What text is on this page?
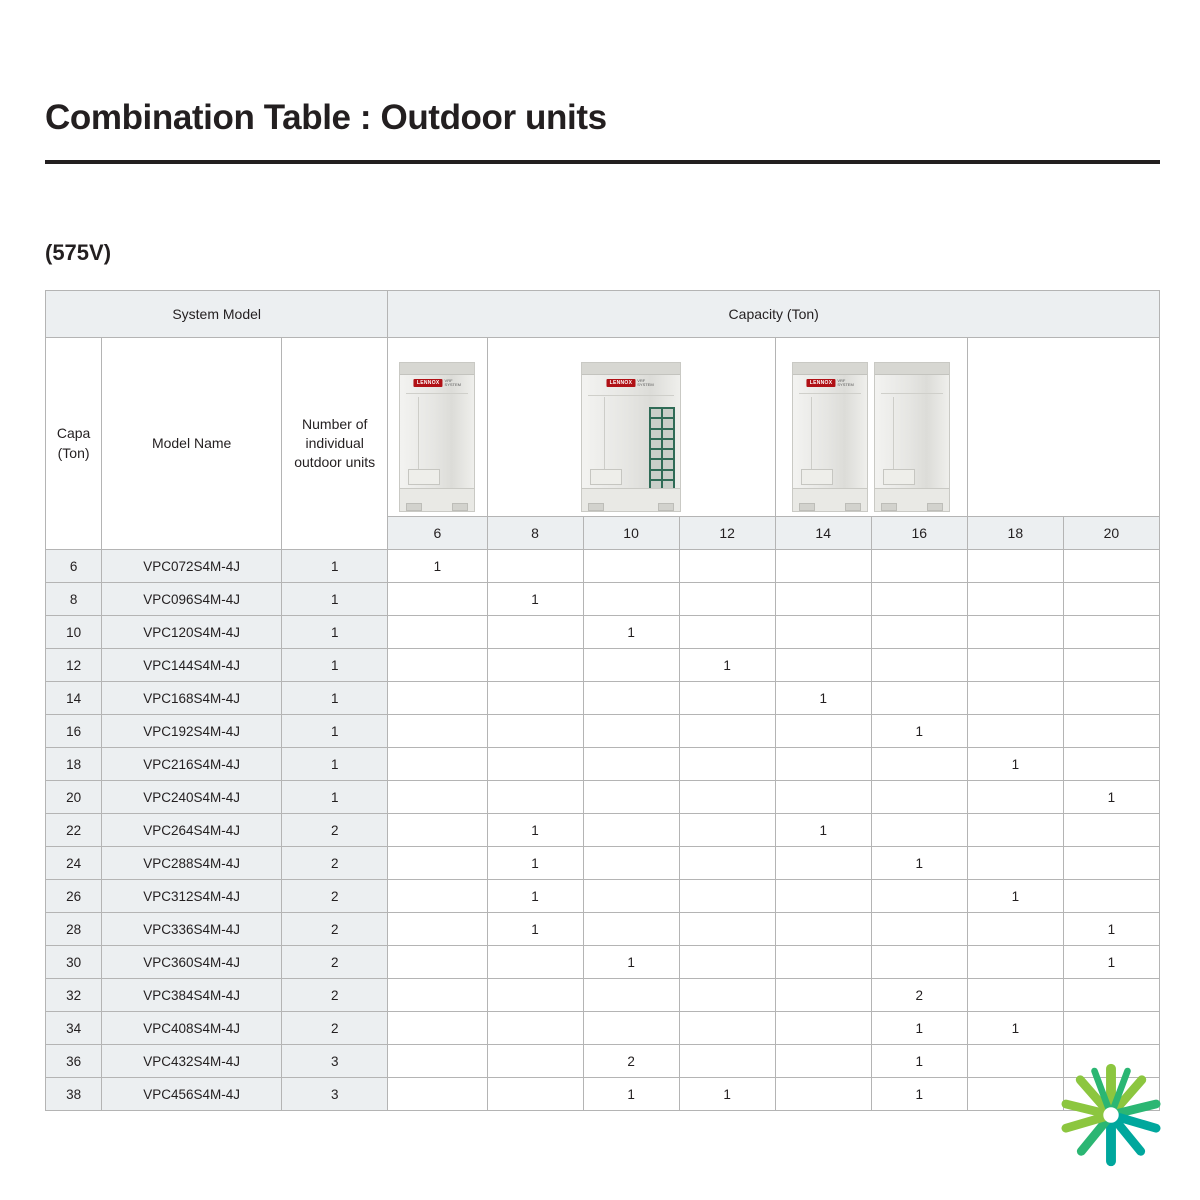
Combination Table : Outdoor units
(575V)
System Model			Capacity (Ton)							

Capa
(Ton)
	Model Name	
Number of individual outdoor units

LENNOX	VRF SYSTEM	LENNOX	VRF SYSTEM	LENNOX	VRF SYSTEM

			6	8	10	12	14	16	18	20
6	VPC072S4M-4J	1	1							
8	VPC096S4M-4J	1		1						
10	VPC120S4M-4J	1			1					
12	VPC144S4M-4J	1				1				
14	VPC168S4M-4J	1					1			
16	VPC192S4M-4J	1						1		
18	VPC216S4M-4J	1							1	
20	VPC240S4M-4J	1								1
22	VPC264S4M-4J	2		1			1			
24	VPC288S4M-4J	2		1				1		
26	VPC312S4M-4J	2		1					1	
28	VPC336S4M-4J	2		1						1
30	VPC360S4M-4J	2			1					1
32	VPC384S4M-4J	2						2		
34	VPC408S4M-4J	2						1	1	
36	VPC432S4M-4J	3			2			1		
38	VPC456S4M-4J	3			1	1		1		
